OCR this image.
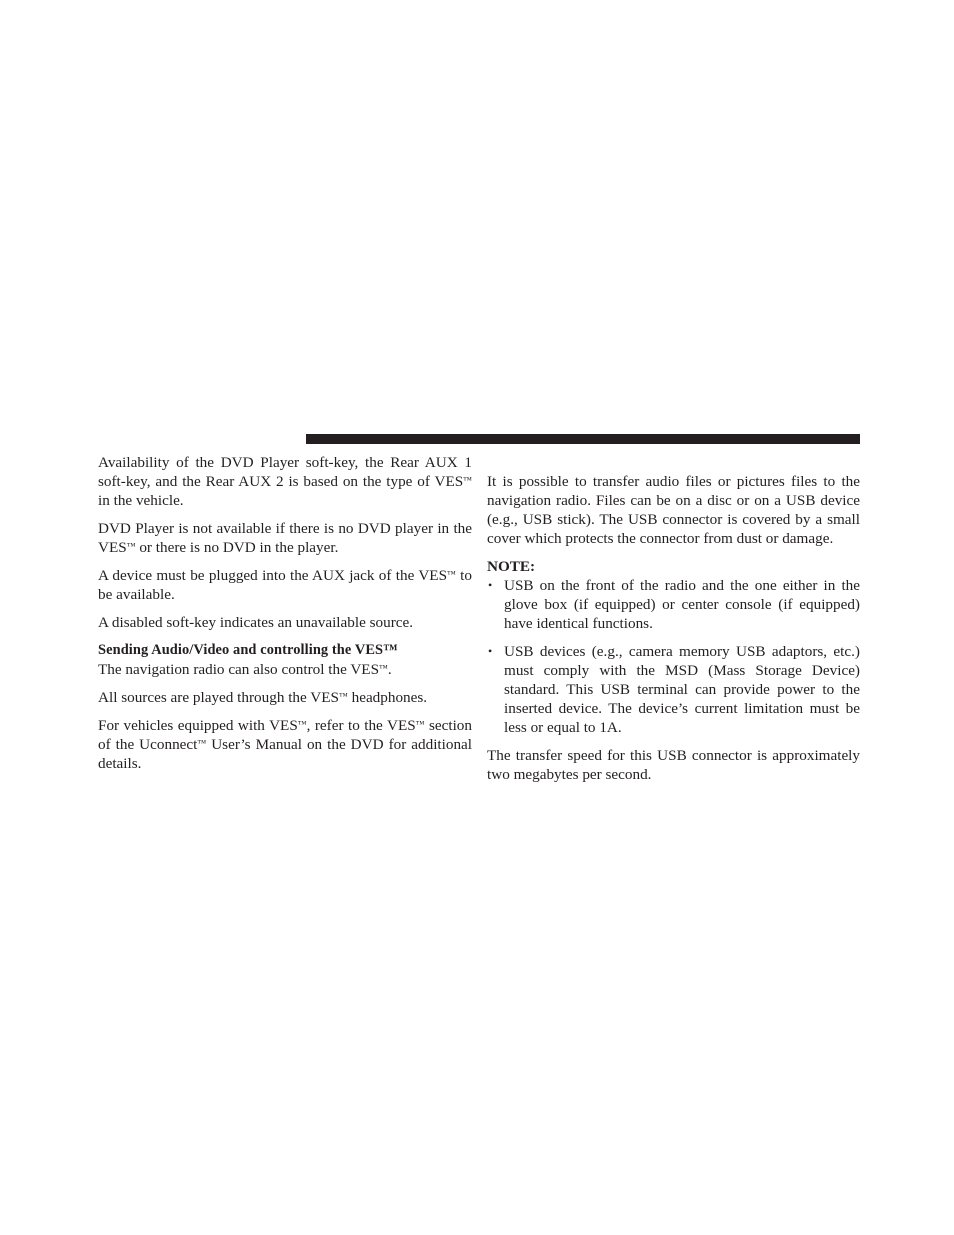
Availability of the DVD Player soft-key, the Rear AUX 1 soft-key, and the Rear AUX 2 is based on the type of VES™ in the vehicle.

DVD Player is not available if there is no DVD player in the VES™ or there is no DVD in the player.

A device must be plugged into the AUX jack of the VES™ to be available.

A disabled soft-key indicates an unavailable source.

Sending Audio/Video and controlling the VES™

The navigation radio can also control the VES™.

All sources are played through the VES™ headphones.

For vehicles equipped with VES™, refer to the VES™ section of the Uconnect™ User’s Manual on the DVD for additional details.

It is possible to transfer audio files or pictures files to the navigation radio. Files can be on a disc or on a USB device (e.g., USB stick). The USB connector is covered by a small cover which protects the connector from dust or damage.

NOTE:

• USB on the front of the radio and the one either in the glove box (if equipped) or center console (if equipped) have identical functions.
• USB devices (e.g., camera memory USB adaptors, etc.) must comply with the MSD (Mass Storage Device) standard. This USB terminal can provide power to the inserted device. The device’s current limitation must be less or equal to 1A.

The transfer speed for this USB connector is approximately two megabytes per second.
